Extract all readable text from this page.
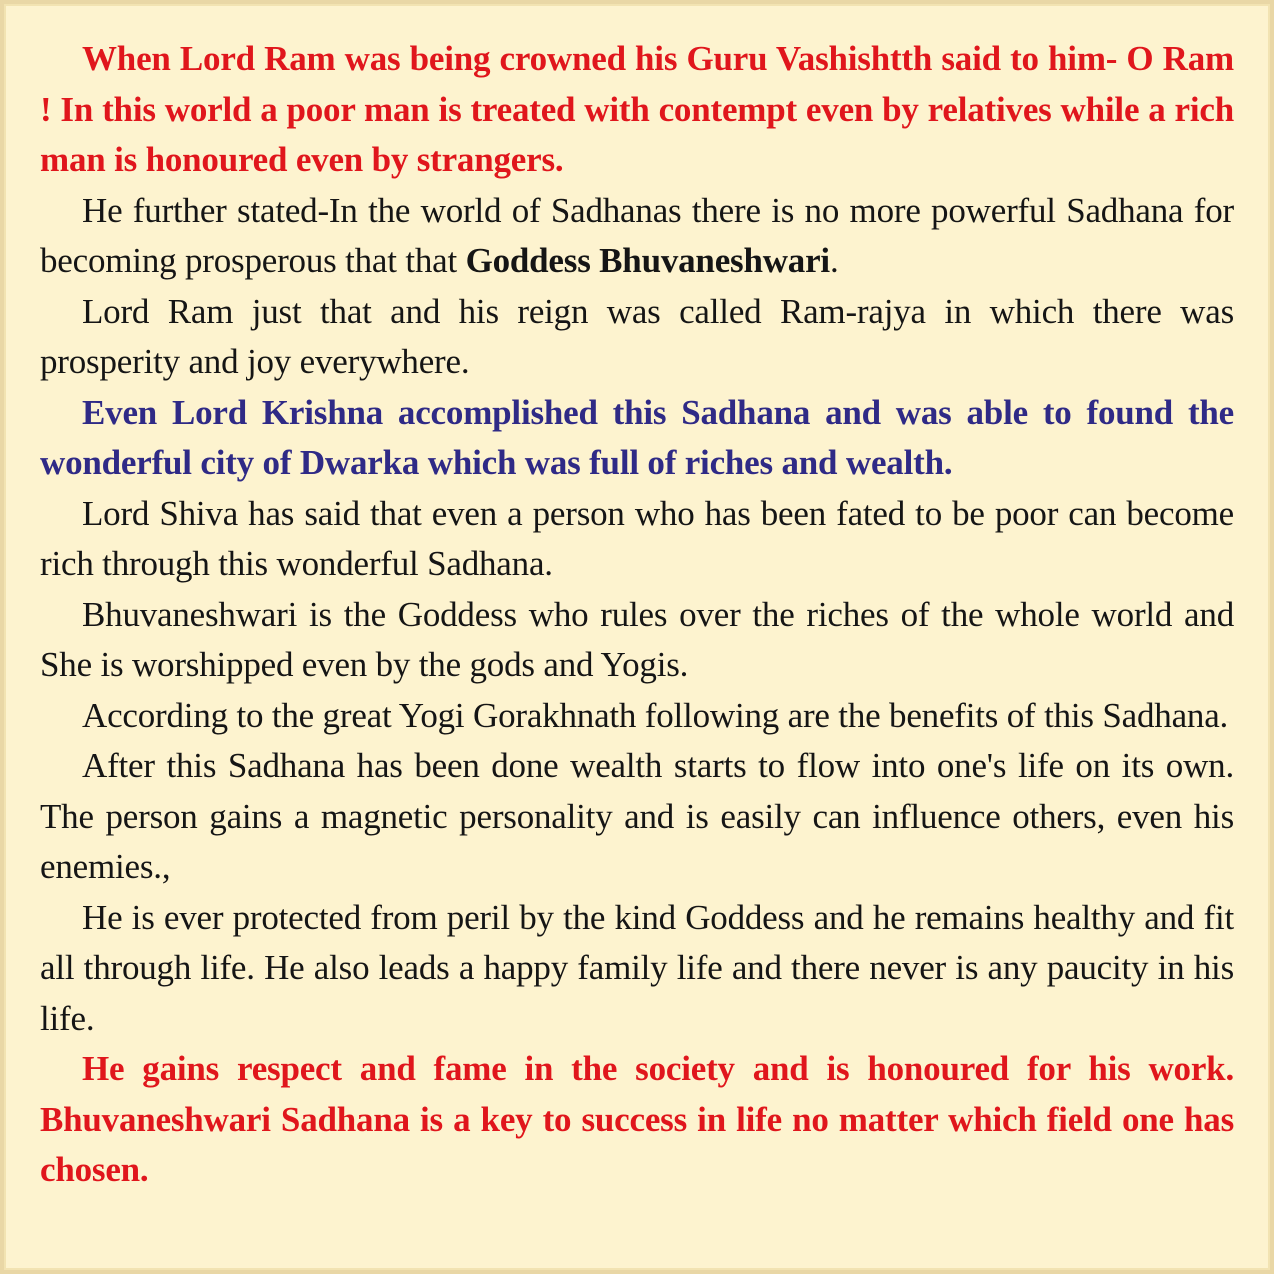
When Lord Ram was being crowned his Guru Vashishtth said to him- O Ram ! In this world a poor man is treated with contempt even by relatives while a rich man is honoured even by strangers.

He further stated-In the world of Sadhanas there is no more powerful Sadhana for becoming prosperous that that Goddess Bhuvaneshwari.

Lord Ram just that and his reign was called Ram-rajya in which there was prosperity and joy everywhere.

Even Lord Krishna accomplished this Sadhana and was able to found the wonderful city of Dwarka which was full of riches and wealth.

Lord Shiva has said that even a person who has been fated to be poor can become rich through this wonderful Sadhana.

Bhuvaneshwari is the Goddess who rules over the riches of the whole world and She is worshipped even by the gods and Yogis.

According to the great Yogi Gorakhnath following are the benefits of this Sadhana.

After this Sadhana has been done wealth starts to flow into one's life on its own. The person gains a magnetic personality and is easily can influence others, even his enemies.,

He is ever protected from peril by the kind Goddess and he remains healthy and fit all through life. He also leads a happy family life and there never is any paucity in his life.

He gains respect and fame in the society and is honoured for his work. Bhuvaneshwari Sadhana is a key to success in life no matter which field one has chosen.
